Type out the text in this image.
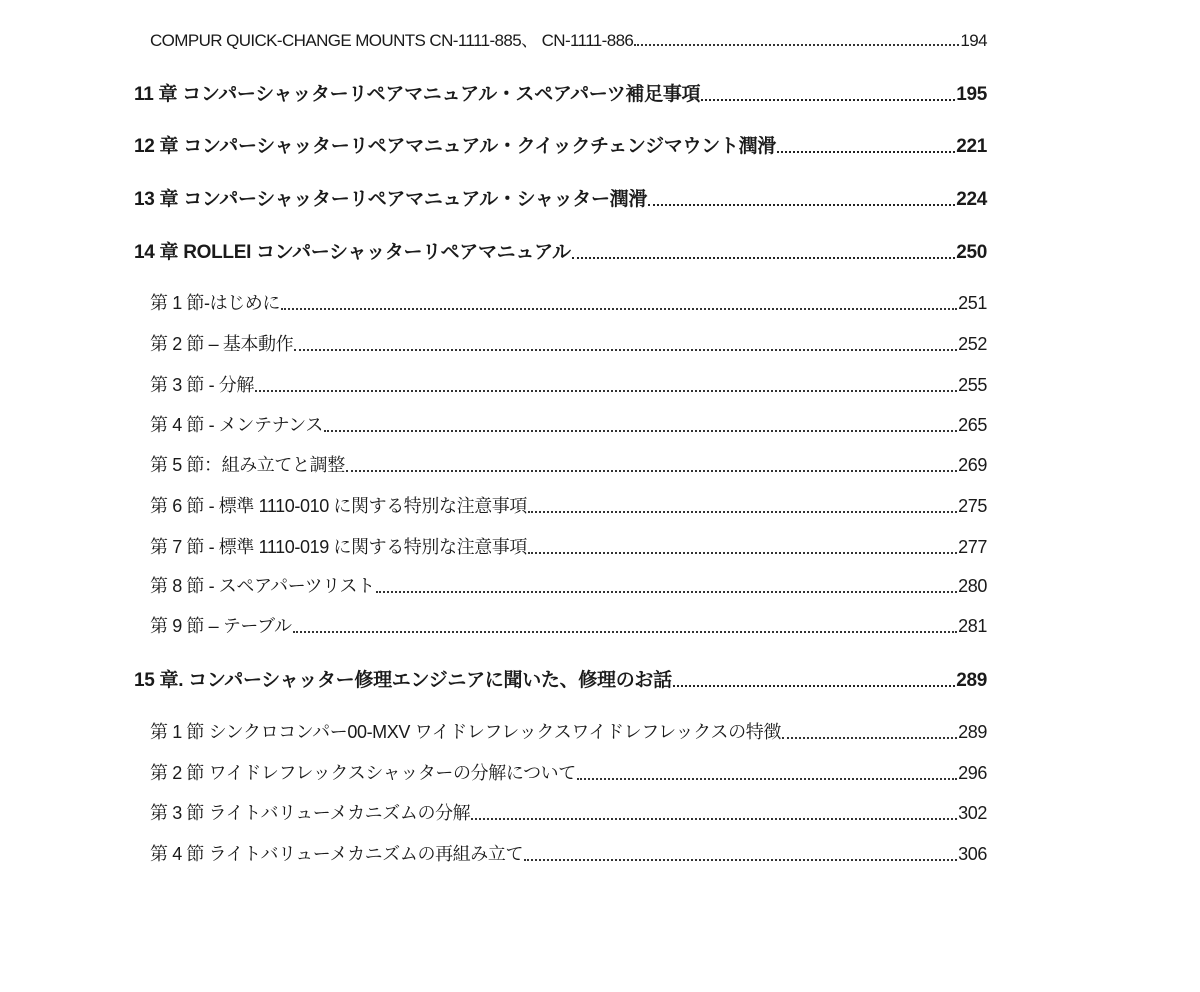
COMPUR QUICK-CHANGE MOUNTS CN-1111-885、 CN-1111-886	194
11 章 コンパーシャッターリペアマニュアル・スペアパーツ補足事項	195
12 章 コンパーシャッターリペアマニュアル・クイックチェンジマウント潤滑	221
13 章 コンパーシャッターリペアマニュアル・シャッター潤滑	224
14 章 ROLLEI コンパーシャッターリペアマニュアル	250
第 1 節-はじめに	251
第 2 節 – 基本動作	252
第 3 節 - 分解	255
第 4 節 - メンテナンス	265
第 5 節：組み立てと調整	269
第 6 節 - 標準 1110-010 に関する特別な注意事項	275
第 7 節 - 標準 1110-019 に関する特別な注意事項	277
第 8 節 - スペアパーツリスト	280
第 9 節 – テーブル	281
15 章. コンパーシャッター修理エンジニアに聞いた、修理のお話	289
第 1 節 シンクロコンパー00-MXV ワイドレフレックスワイドレフレックスの特徴	289
第 2 節 ワイドレフレックスシャッターの分解について	296
第 3 節 ライトバリューメカニズムの分解	302
第 4 節 ライトバリューメカニズムの再組み立て	306
